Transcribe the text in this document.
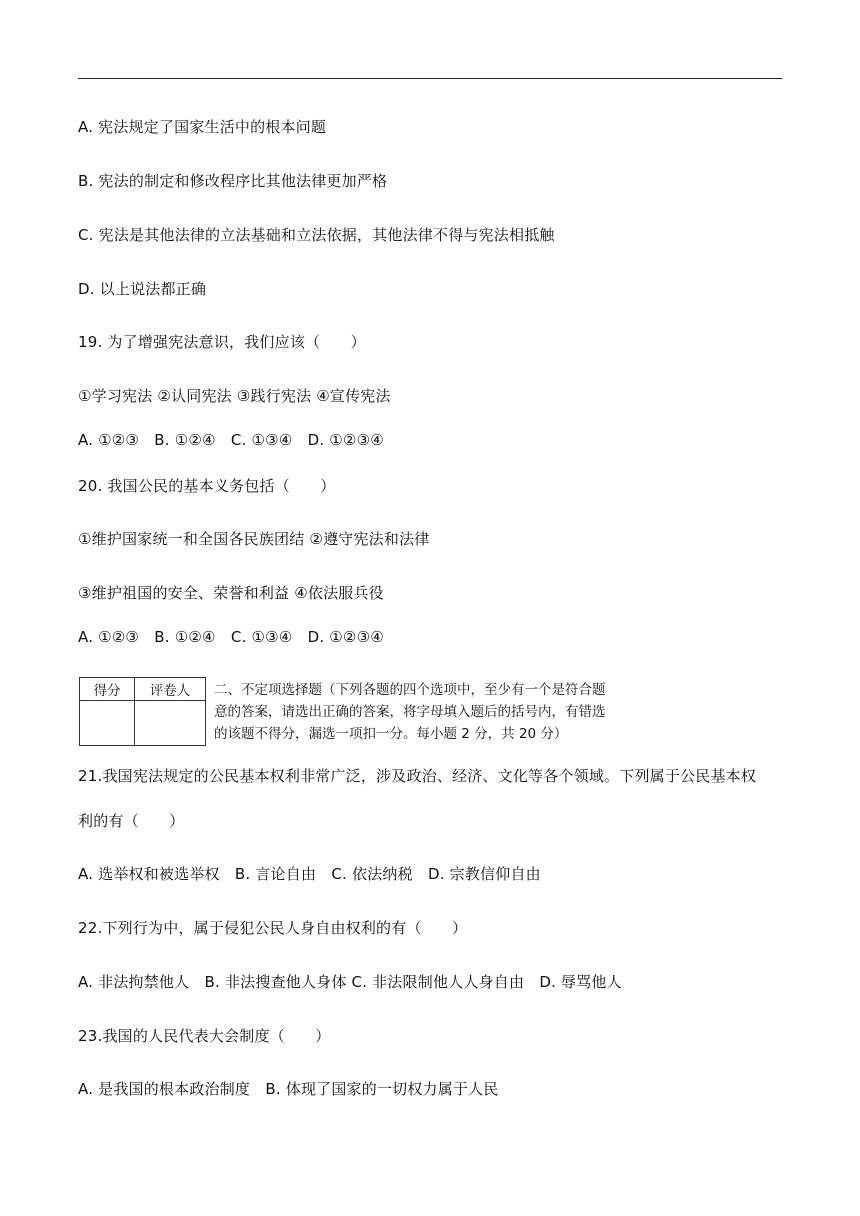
A. 宪法规定了国家生活中的根本问题
B. 宪法的制定和修改程序比其他法律更加严格
C. 宪法是其他法律的立法基础和立法依据，其他法律不得与宪法相抵触
D. 以上说法都正确
19. 为了增强宪法意识，我们应该（　　）
①学习宪法 ②认同宪法 ③践行宪法 ④宣传宪法
A. ①②③　B. ①②④　C. ①③④　D. ①②③④
20. 我国公民的基本义务包括（　　）
①维护国家统一和全国各民族团结 ②遵守宪法和法律
③维护祖国的安全、荣誉和利益 ④依法服兵役
A. ①②③　B. ①②④　C. ①③④　D. ①②③④
得分	评卷人
	二、不定项选择题（下列各题的四个选项中，至少有一个是符合题
意的答案，请选出正确的答案，将字母填入题后的括号内，有错选
的该题不得分，漏选一项扣一分。每小题 2 分，共 20 分）
21.我国宪法规定的公民基本权利非常广泛，涉及政治、经济、文化等各个领域。下列属于公民基本权
利的有（　　）
A. 选举权和被选举权　B. 言论自由　C. 依法纳税　D. 宗教信仰自由
22.下列行为中，属于侵犯公民人身自由权利的有（　　）
A. 非法拘禁他人　B. 非法搜查他人身体 C. 非法限制他人人身自由　D. 辱骂他人
23.我国的人民代表大会制度（　　）
A. 是我国的根本政治制度　B. 体现了国家的一切权力属于人民
